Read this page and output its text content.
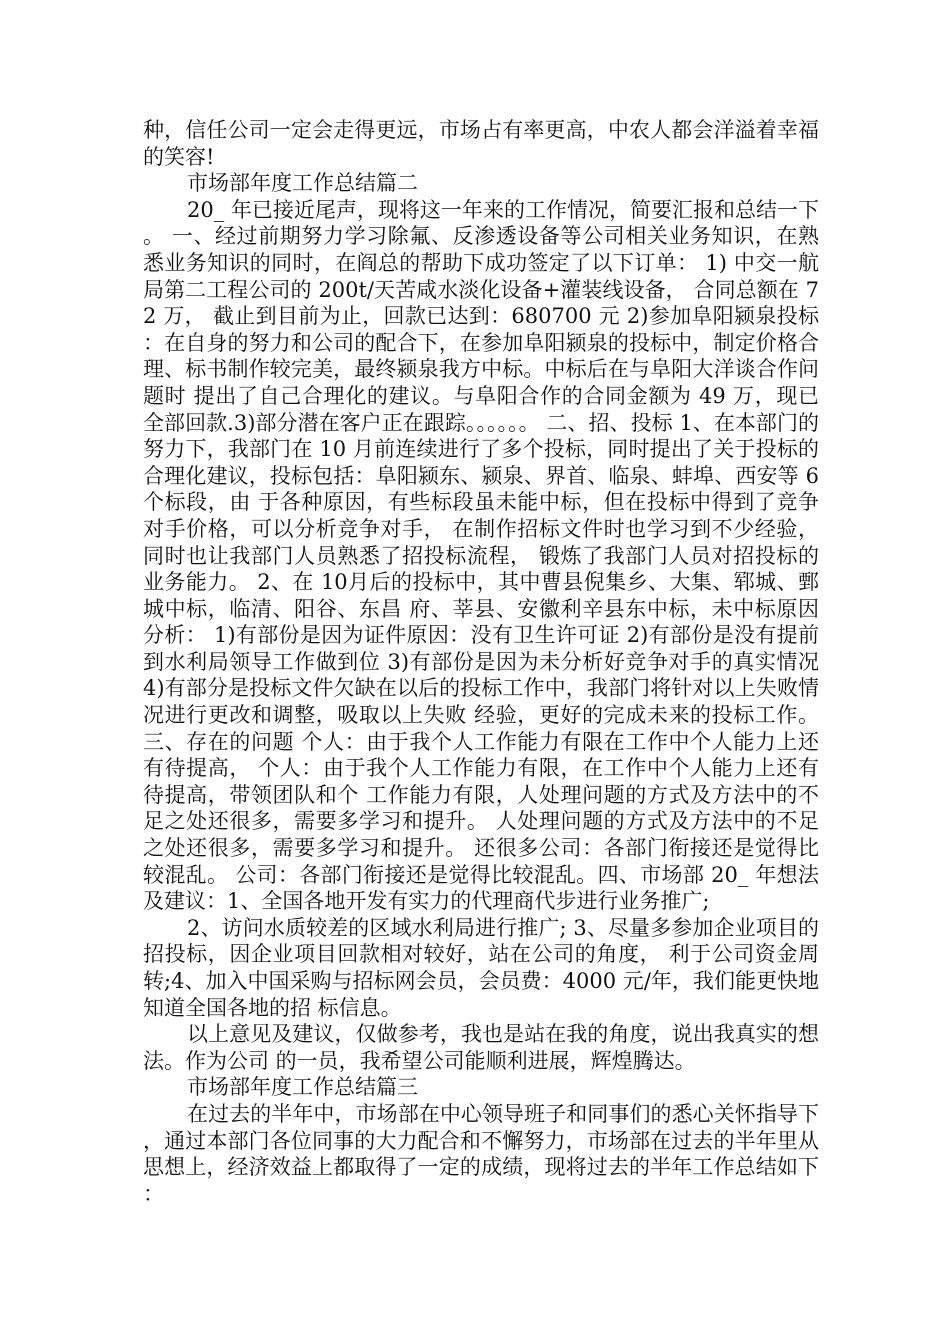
种，信任公司一定会走得更远，市场占有率更高，中农人都会洋溢着幸福的笑容!

市场部年度工作总结篇二

20_ 年已接近尾声，现将这一年来的工作情况，简要汇报和总结一下。 一、经过前期努力学习除氟、反渗透设备等公司相关业务知识，在熟悉业务知识的同时，在阎总的帮助下成功签定了以下订单： 1) 中交一航局第二工程公司的 200t/天苦咸水淡化设备+灌装线设备， 合同总额在 72 万， 截止到目前为止，回款已达到：680700 元 2)参加阜阳颍泉投标：在自身的努力和公司的配合下，在参加阜阳颍泉的投标中，制定价格合理、标书制作较完美，最终颍泉我方中标。中标后在与阜阳大洋谈合作问题时 提出了自己合理化的建议。与阜阳合作的合同金额为 49 万，现已全部回款.3)部分潜在客户正在跟踪。。。。。。 二、招、投标 1、在本部门的努力下，我部门在 10 月前连续进行了多个投标，同时提出了关于投标的合理化建议，投标包括：阜阳颍东、颍泉、界首、临泉、蚌埠、西安等 6 个标段，由 于各种原因，有些标段虽未能中标，但在投标中得到了竞争对手价格，可以分析竞争对手， 在制作招标文件时也学习到不少经验， 同时也让我部门人员熟悉了招投标流程， 锻炼了我部门人员对招投标的业务能力。 2、在 10月后的投标中，其中曹县倪集乡、大集、郓城、鄄城中标，临清、阳谷、东昌 府、莘县、安徽利辛县东中标，未中标原因分析： 1)有部份是因为证件原因：没有卫生许可证 2)有部份是没有提前到水利局领导工作做到位 3)有部份是因为未分析好竞争对手的真实情况 4)有部分是投标文件欠缺在以后的投标工作中，我部门将针对以上失败情况进行更改和调整，吸取以上失败 经验，更好的完成未来的投标工作。 三、存在的问题 个人：由于我个人工作能力有限在工作中个人能力上还有待提高， 个人：由于我个人工作能力有限，在工作中个人能力上还有待提高，带领团队和个 工作能力有限，人处理问题的方式及方法中的不足之处还很多，需要多学习和提升。 人处理问题的方式及方法中的不足之处还很多，需要多学习和提升。 还很多公司：各部门衔接还是觉得比较混乱。 公司：各部门衔接还是觉得比较混乱。四、市场部 20_ 年想法及建议：1、全国各地开发有实力的代理商代步进行业务推广;

2、访问水质较差的区域水利局进行推广; 3、尽量多参加企业项目的招投标，因企业项目回款相对较好，站在公司的角度， 利于公司资金周转;4、加入中国采购与招标网会员，会员费：4000 元/年，我们能更快地知道全国各地的招 标信息。

以上意见及建议，仅做参考，我也是站在我的角度，说出我真实的想法。作为公司 的一员，我希望公司能顺利进展，辉煌腾达。

市场部年度工作总结篇三

在过去的半年中，市场部在中心领导班子和同事们的悉心关怀指导下，通过本部门各位同事的大力配合和不懈努力，市场部在过去的半年里从思想上，经济效益上都取得了一定的成绩，现将过去的半年工作总结如下：
